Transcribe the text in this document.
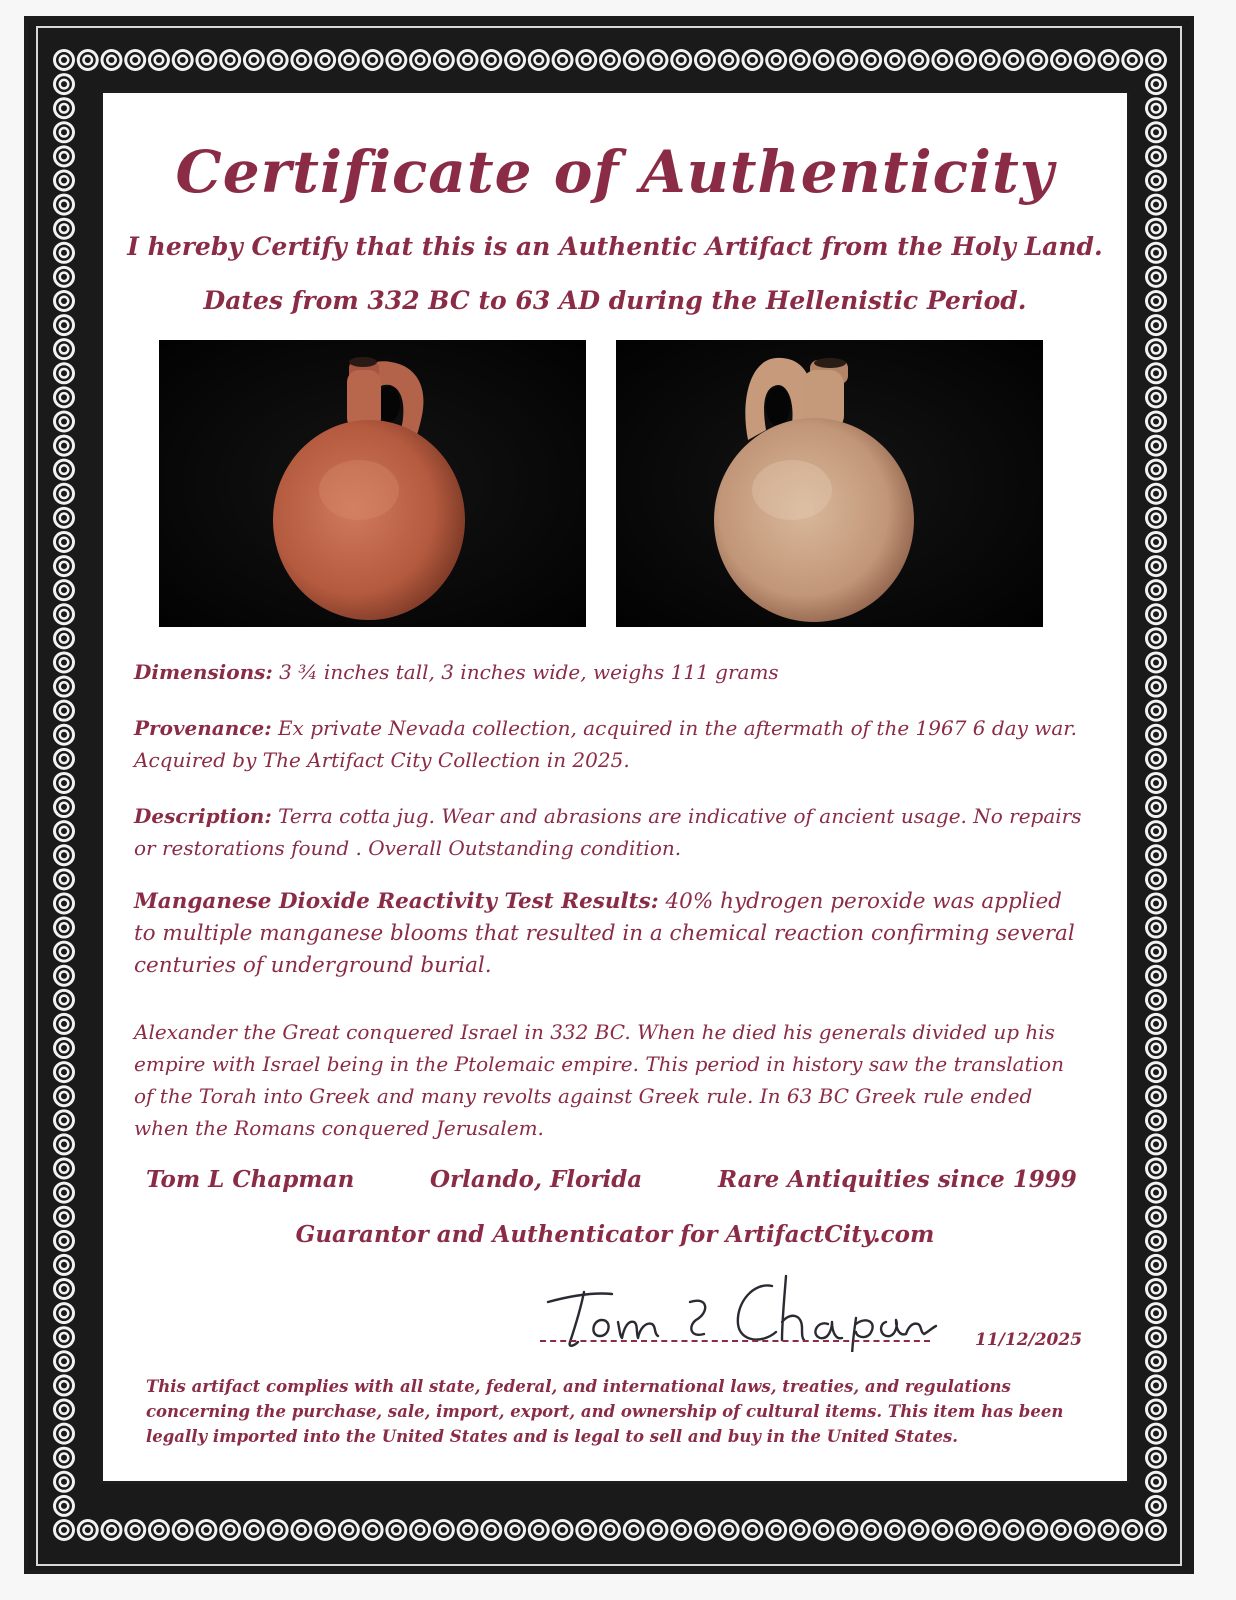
Certificate of Authenticity

I hereby Certify that this is an Authentic Artifact from the Holy Land.

Dates from 332 BC to 63 AD during the Hellenistic Period.

Dimensions: 3 ¾ inches tall, 3 inches wide, weighs 111 grams

Provenance: Ex private Nevada collection, acquired in the aftermath of the 1967 6 day war. Acquired by The Artifact City Collection in 2025.

Description: Terra cotta jug. Wear and abrasions are indicative of ancient usage. No repairs or restorations found . Overall Outstanding condition.

Manganese Dioxide Reactivity Test Results: 40% hydrogen peroxide was applied to multiple manganese blooms that resulted in a chemical reaction confirming several centuries of underground burial.

Alexander the Great conquered Israel in 332 BC. When he died his generals divided up his empire with Israel being in the Ptolemaic empire. This period in history saw the translation of the Torah into Greek and many revolts against Greek rule. In 63 BC Greek rule ended when the Romans conquered Jerusalem.

Tom L Chapman	Orlando, Florida	Rare Antiquities since 1999

Guarantor and Authenticator for ArtifactCity.com

11/12/2025

This artifact complies with all state, federal, and international laws, treaties, and regulations concerning the purchase, sale, import, export, and ownership of cultural items. This item has been legally imported into the United States and is legal to sell and buy in the United States.
